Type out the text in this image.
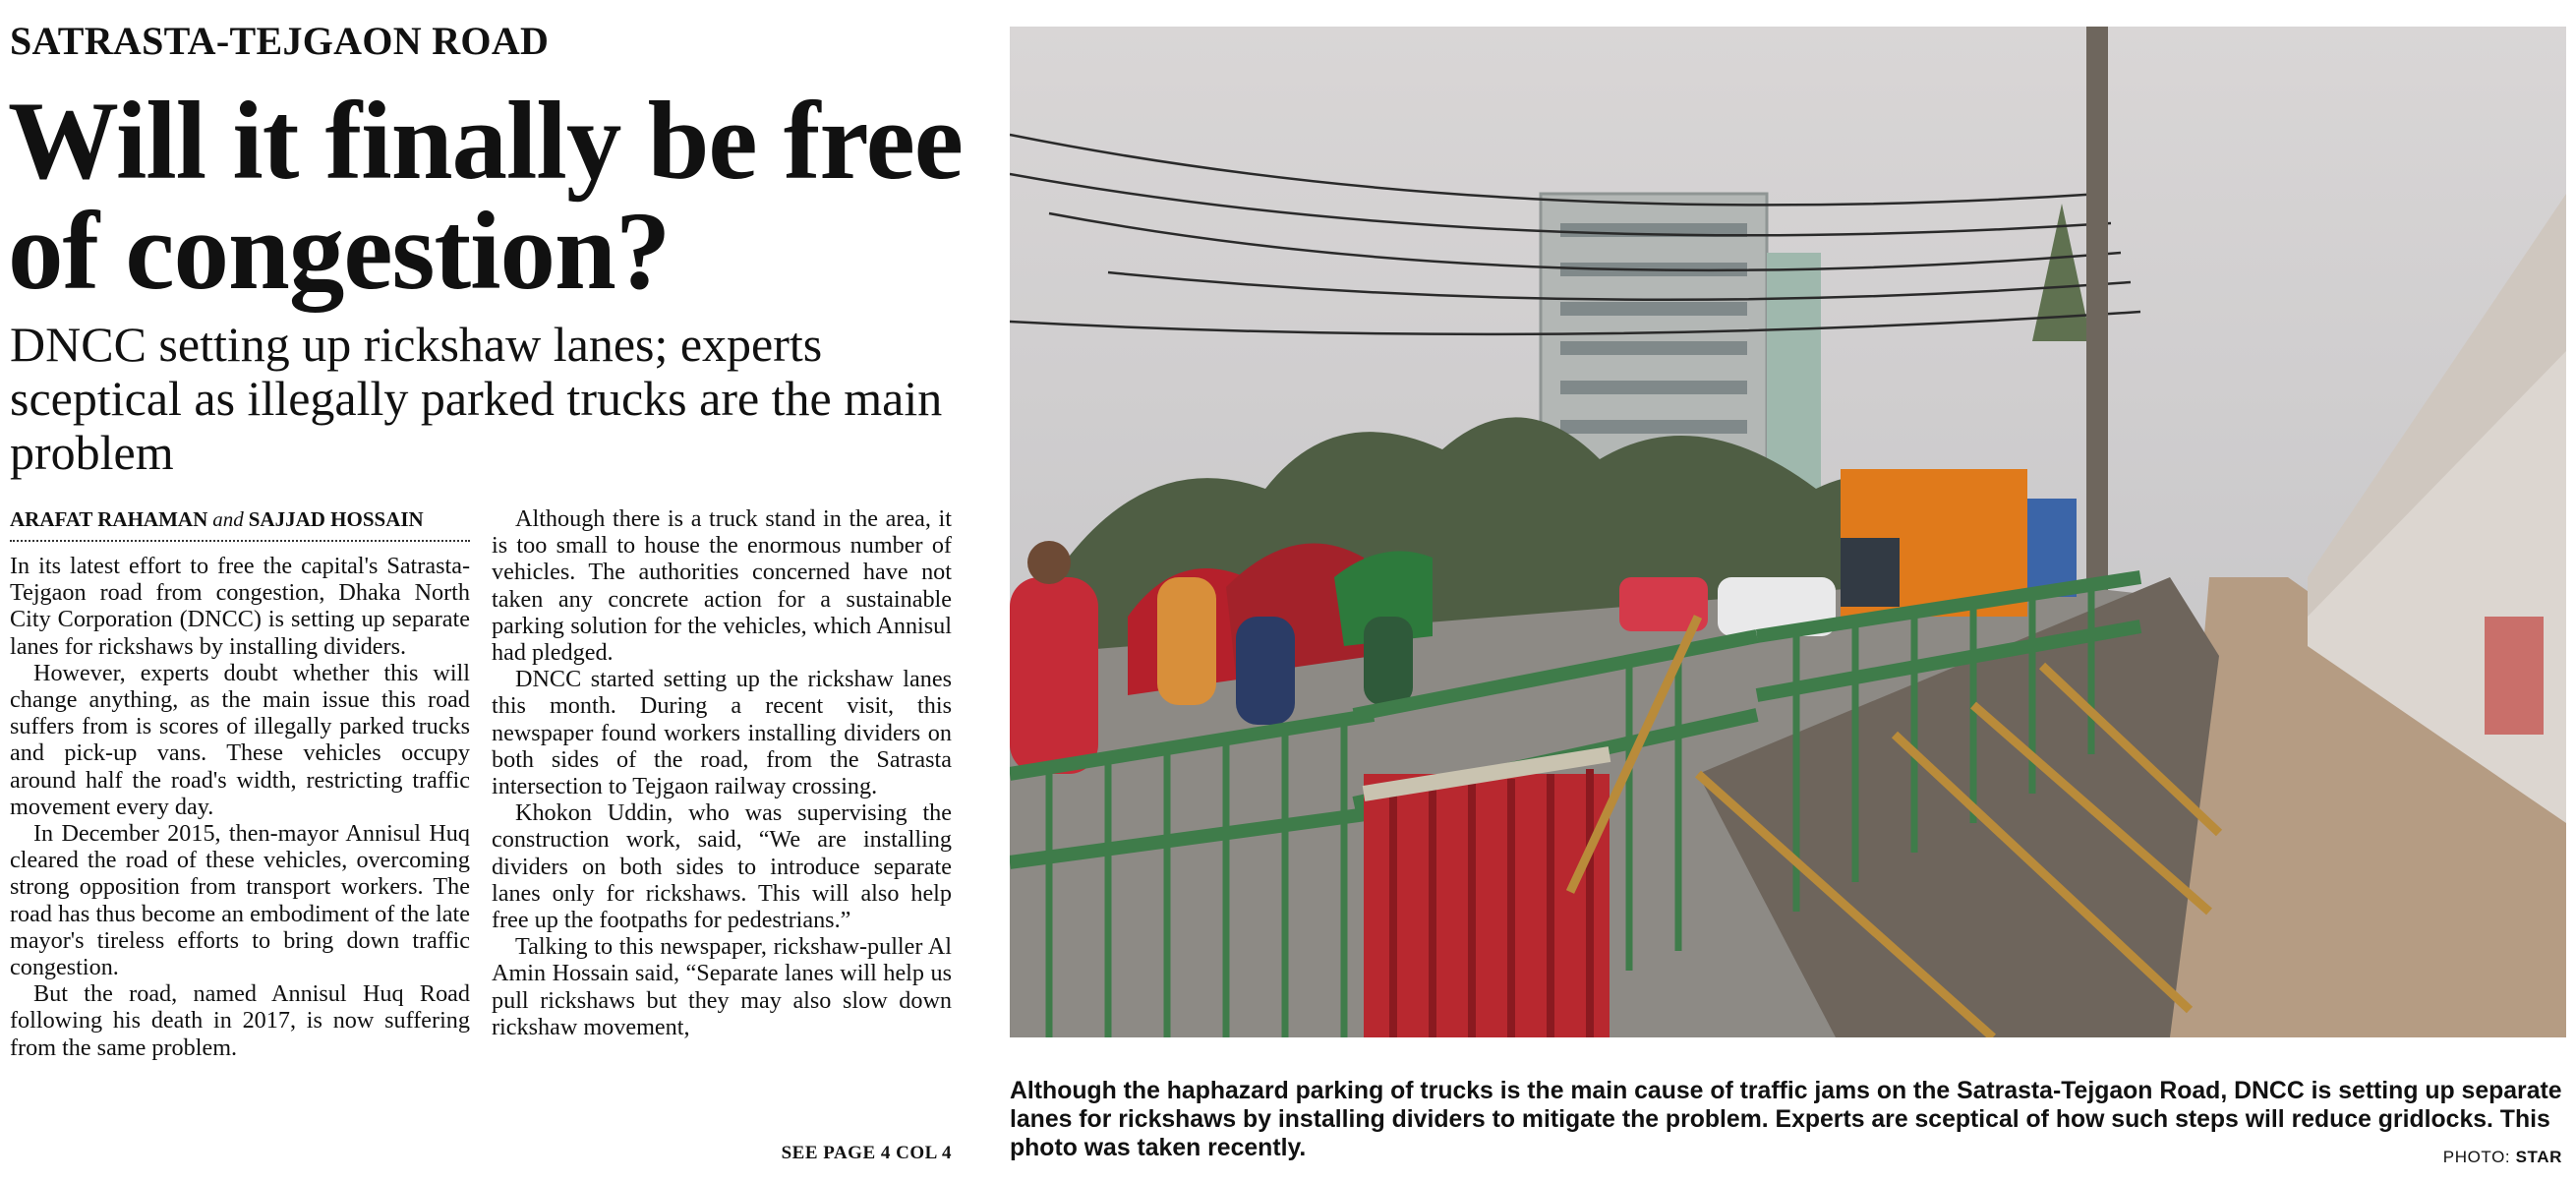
SATRASTA-TEJGAON ROAD
Will it finally be free of congestion?
DNCC setting up rickshaw lanes; experts sceptical as illegally parked trucks are the main problem
ARAFAT RAHAMAN and SAJJAD HOSSAIN

In its latest effort to free the capital's Satrasta-Tejgaon road from congestion, Dhaka North City Corporation (DNCC) is setting up separate lanes for rickshaws by installing dividers.

However, experts doubt whether this will change anything, as the main issue this road suffers from is scores of illegally parked trucks and pick-up vans. These vehicles occupy around half the road's width, restricting traffic movement every day.

In December 2015, then-mayor Annisul Huq cleared the road of these vehicles, overcoming strong opposition from transport workers. The road has thus become an embodiment of the late mayor's tireless efforts to bring down traffic congestion.

But the road, named Annisul Huq Road following his death in 2017, is now suffering from the same problem.

Although there is a truck stand in the area, it is too small to house the enormous number of vehicles. The authorities concerned have not taken any concrete action for a sustainable parking solution for the vehicles, which Annisul had pledged.

DNCC started setting up the rickshaw lanes this month. During a recent visit, this newspaper found workers installing dividers on both sides of the road, from the Satrasta intersection to Tejgaon railway crossing.

Khokon Uddin, who was supervising the construction work, said, “We are installing dividers on both sides to introduce separate lanes only for rickshaws. This will also help free up the footpaths for pedestrians.”

Talking to this newspaper, rickshaw-puller Al Amin Hossain said, “Separate lanes will help us pull rickshaws but they may also slow down rickshaw movement,

SEE PAGE 4 COL 4
Although the haphazard parking of trucks is the main cause of traffic jams on the Satrasta-Tejgaon Road, DNCC is setting up separate lanes for rickshaws by installing dividers to mitigate the problem. Experts are sceptical of how such steps will reduce gridlocks. This photo was taken recently.	PHOTO: STAR
